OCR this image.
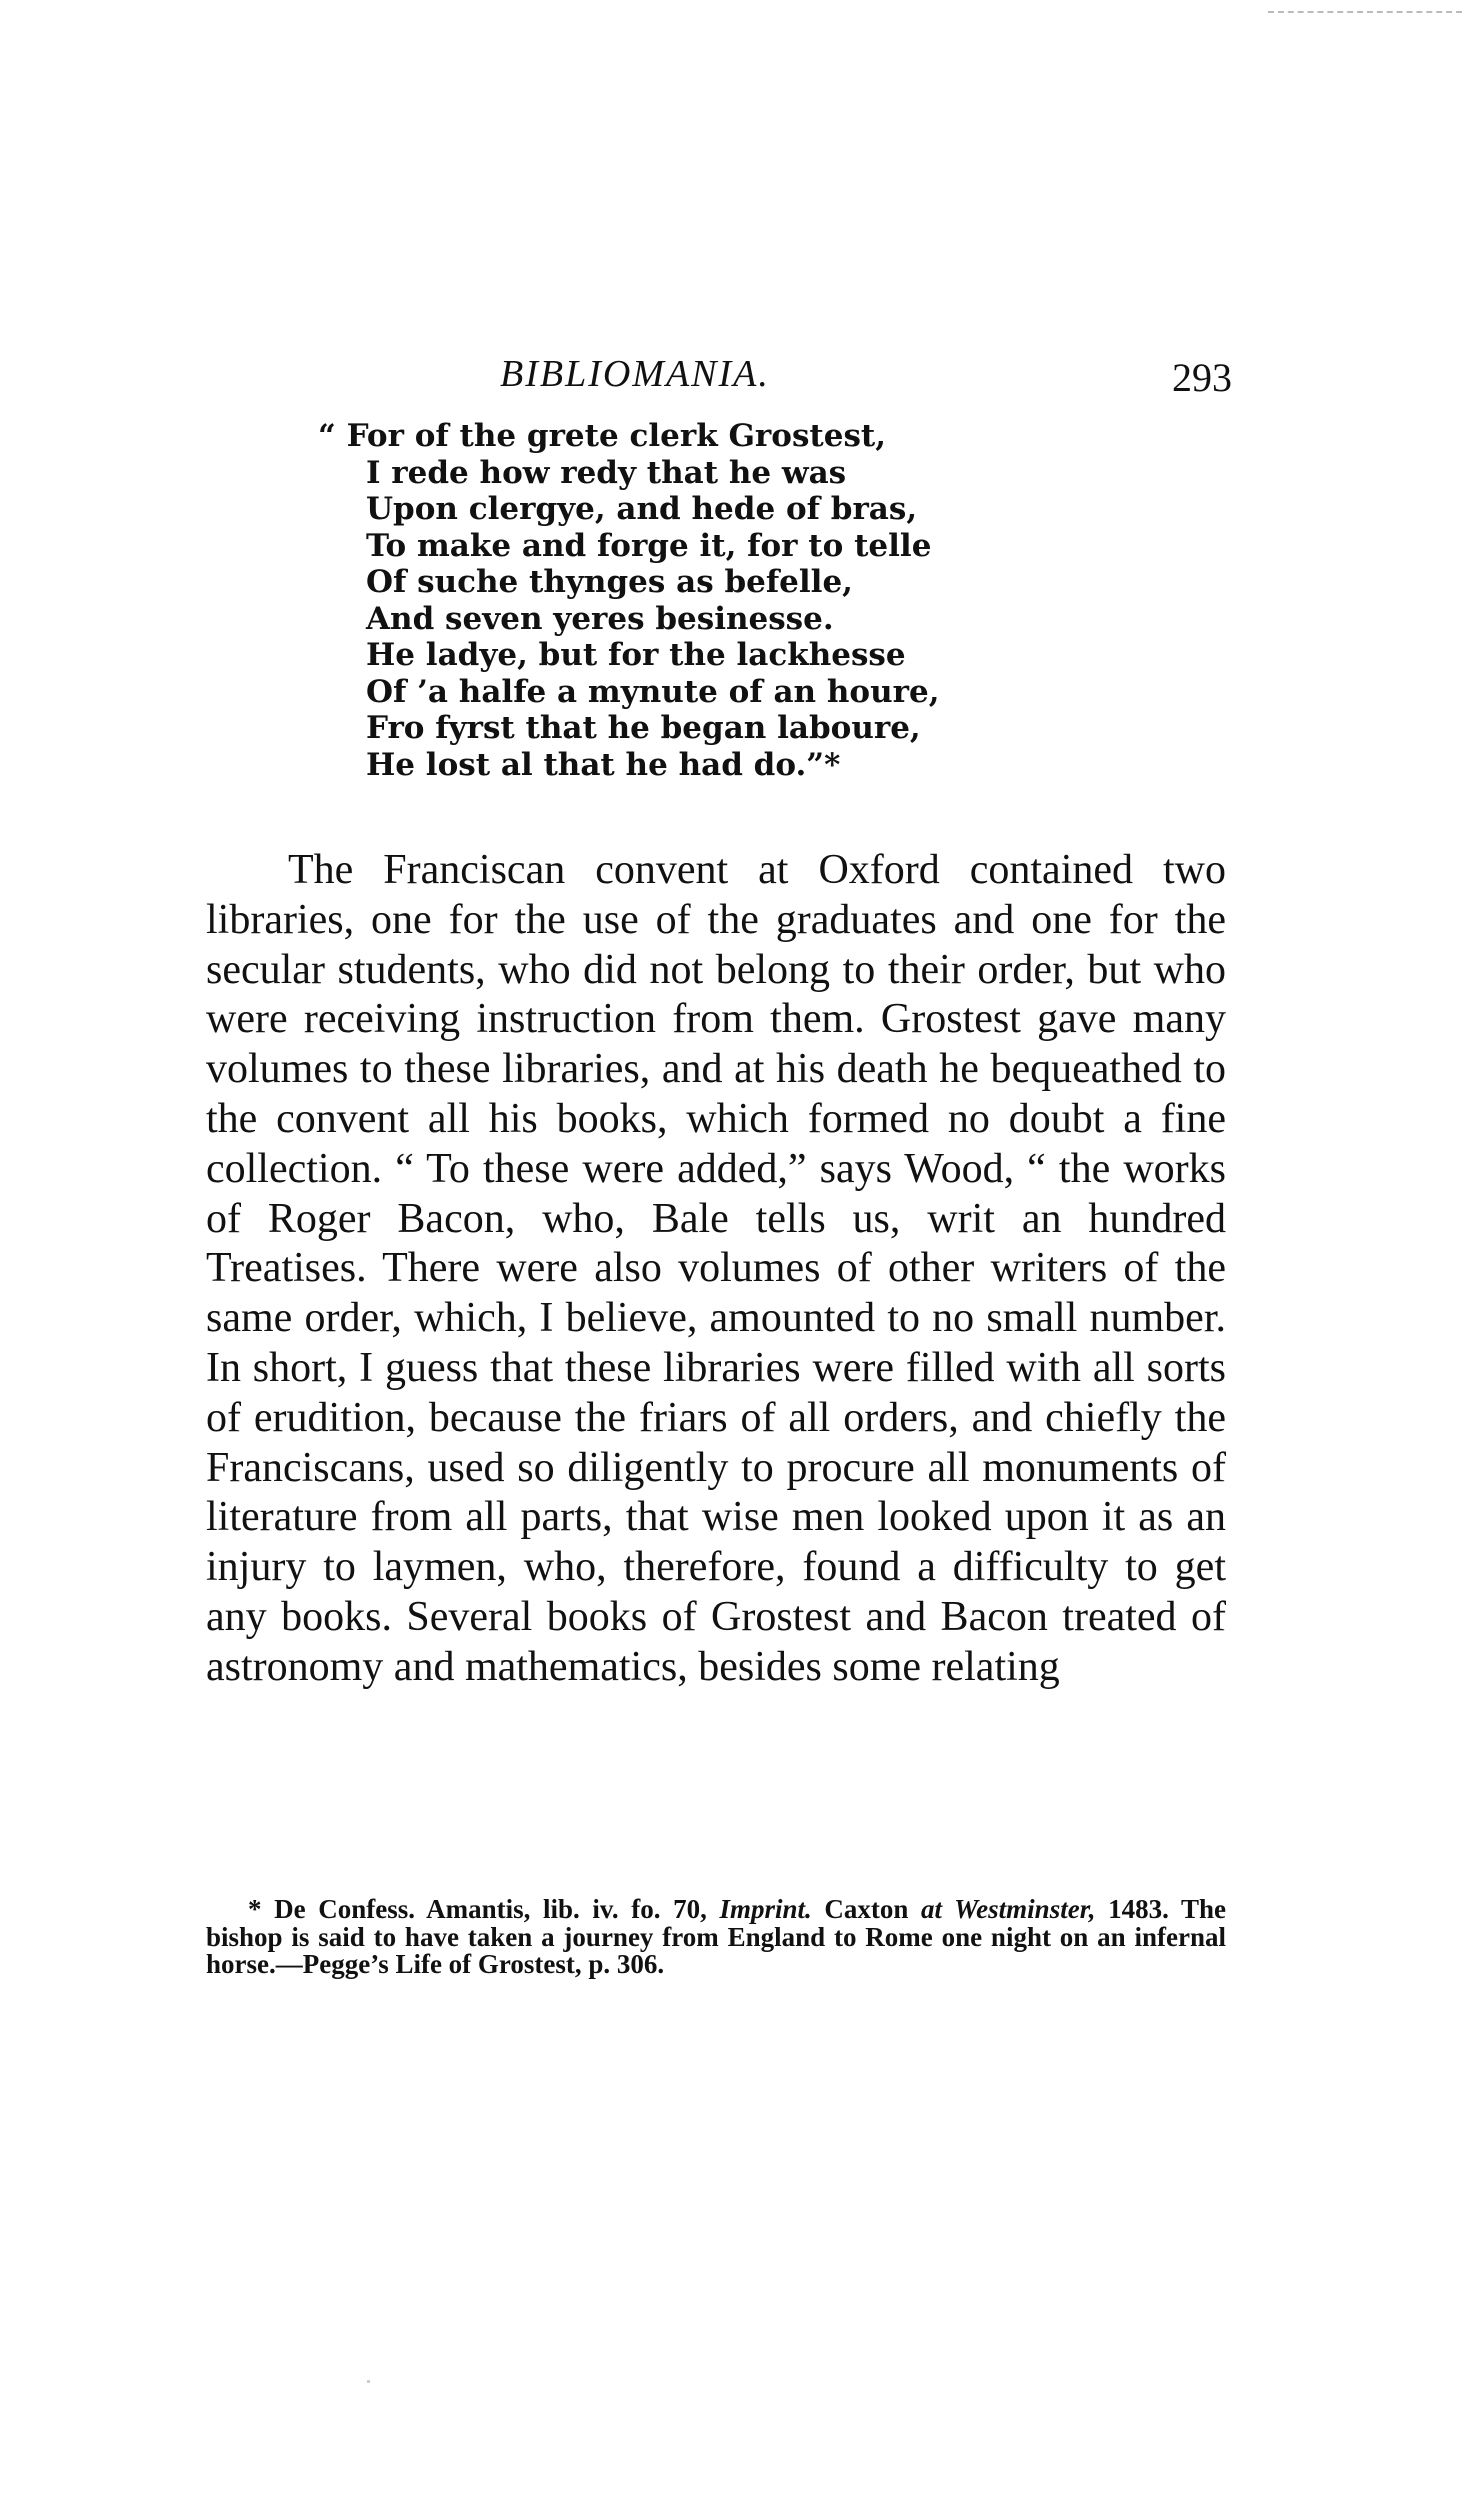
BIBLIOMANIA.	293
“ For of the grete clerk Grostest,
I rede how redy that he was
Upon clergye, and hede of bras,
To make and forge it, for to telle
Of suche thynges as befelle,
And seven yeres besinesse.
He ladye, but for the lackhesse
Of ’a halfe a mynute of an houre,
Fro fyrst that he began laboure,
He lost al that he had do.”*

The Franciscan convent at Oxford contained two libraries, one for the use of the graduates and one for the secular students, who did not belong to their order, but who were receiving instruction from them. Grostest gave many volumes to these libraries, and at his death he bequeathed to the convent all his books, which formed no doubt a fine collection. “ To these were added,” says Wood, “ the works of Roger Bacon, who, Bale tells us, writ an hundred Treatises. There were also volumes of other writers of the same order, which, I believe, amounted to no small number. In short, I guess that these libraries were filled with all sorts of erudition, because the friars of all orders, and chiefly the Franciscans, used so diligently to procure all monuments of literature from all parts, that wise men looked upon it as an injury to laymen, who, therefore, found a difficulty to get any books. Several books of Grostest and Bacon treated of astronomy and mathematics, besides some relating

* De Confess. Amantis, lib. iv. fo. 70, Imprint. Caxton at Westminster, 1483. The bishop is said to have taken a journey from England to Rome one night on an infernal horse.—Pegge’s Life of Grostest, p. 306.
